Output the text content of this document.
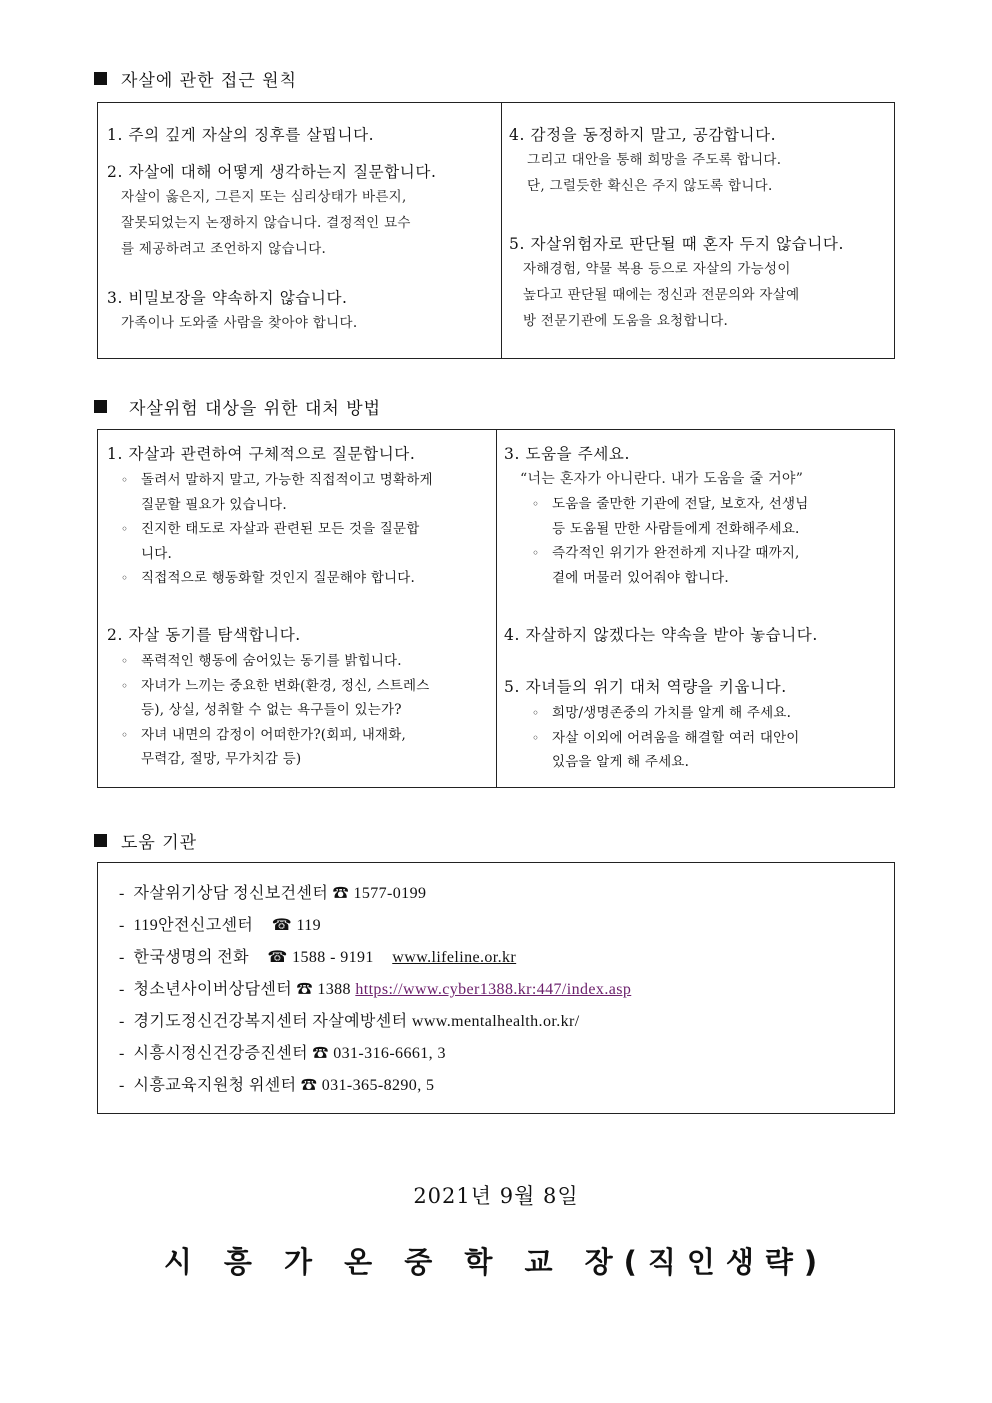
자살에 관한 접근 원칙
1. 주의 깊게 자살의 징후를 살핍니다.
2. 자살에 대해 어떻게 생각하는지 질문합니다.
자살이 옳은지, 그른지 또는 심리상태가 바른지,
잘못되었는지 논쟁하지 않습니다. 결정적인 묘수
를 제공하려고 조언하지 않습니다.
3. 비밀보장을 약속하지 않습니다.
가족이나 도와줄 사람을 찾아야 합니다.
4. 감정을 동정하지 말고, 공감합니다.
그리고 대안을 통해 희망을 주도록 합니다.
단, 그럴듯한 확신은 주지 않도록 합니다.
5. 자살위험자로 판단될 때 혼자 두지 않습니다.
자해경험, 약물 복용 등으로 자살의 가능성이
높다고 판단될 때에는 정신과 전문의와 자살예
방 전문기관에 도움을 요청합니다.
자살위험 대상을 위한 대처 방법
1. 자살과 관련하여 구체적으로 질문합니다.
◦ 돌려서 말하지 말고, 가능한 직접적이고 명확하게
질문할 필요가 있습니다.
◦ 진지한 태도로 자살과 관련된 모든 것을 질문합
니다.
◦ 직접적으로 행동화할 것인지 질문해야 합니다.
2. 자살 동기를 탐색합니다.
◦ 폭력적인 행동에 숨어있는 동기를 밝힙니다.
◦ 자녀가 느끼는 중요한 변화(환경, 정신, 스트레스
등), 상실, 성취할 수 없는 욕구들이 있는가?
◦ 자녀 내면의 감정이 어떠한가?(회피, 내재화,
무력감, 절망, 무가치감 등)
3. 도움을 주세요.
“너는 혼자가 아니란다. 내가 도움을 줄 거야”
◦ 도움을 줄만한 기관에 전달, 보호자, 선생님
등 도움될 만한 사람들에게 전화해주세요.
◦ 즉각적인 위기가 완전하게 지나갈 때까지,
곁에 머물러 있어줘야 합니다.
4. 자살하지 않겠다는 약속을 받아 놓습니다.
5. 자녀들의 위기 대처 역량을 키웁니다.
◦ 희망/생명존중의 가치를 알게 해 주세요.
◦ 자살 이외에 어려움을 해결할 여러 대안이
있음을 알게 해 주세요.
도움 기관
- 자살위기상담 정신보건센터 ☎ 1577-0199
- 119안전신고센터 ☎ 119
- 한국생명의 전화 ☎ 1588 - 9191 www.lifeline.or.kr
- 청소년사이버상담센터 ☎ 1388 https://www.cyber1388.kr:447/index.asp
- 경기도정신건강복지센터 자살예방센터 www.mentalhealth.or.kr/
- 시흥시정신건강증진센터 ☎ 031-316-6661, 3
- 시흥교육지원청 위센터 ☎ 031-365-8290, 5
2021년 9월 8일
시 흥 가 온 중 학 교 장(직인생략)
